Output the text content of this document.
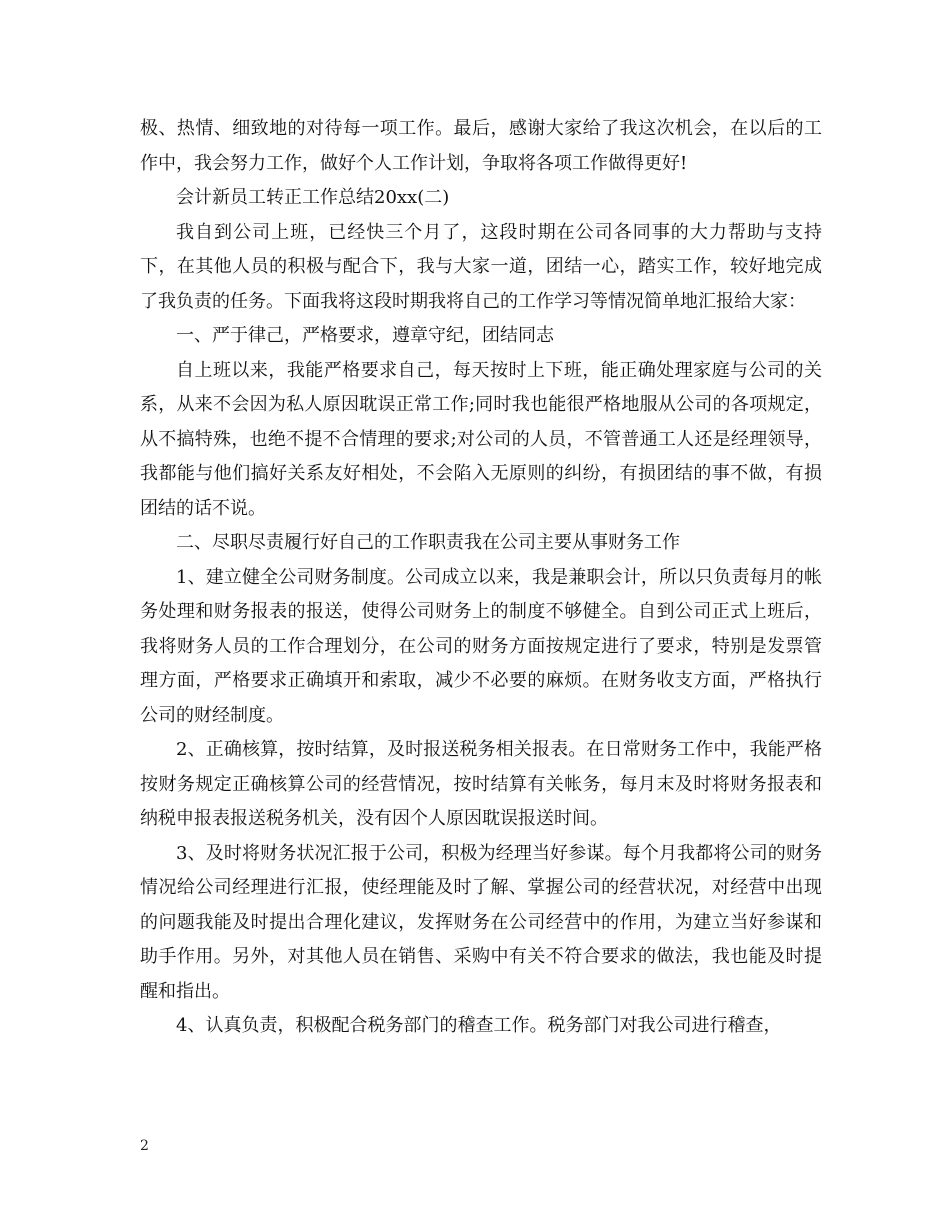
极、热情、细致地的对待每一项工作。最后，感谢大家给了我这次机会，在以后的工作中，我会努力工作，做好个人工作计划，争取将各项工作做得更好!

会计新员工转正工作总结20xx(二)

我自到公司上班，已经快三个月了，这段时期在公司各同事的大力帮助与支持下，在其他人员的积极与配合下，我与大家一道，团结一心，踏实工作，较好地完成了我负责的任务。下面我将这段时期我将自己的工作学习等情况简单地汇报给大家：

一、严于律己，严格要求，遵章守纪，团结同志

自上班以来，我能严格要求自己，每天按时上下班，能正确处理家庭与公司的关系，从来不会因为私人原因耽误正常工作;同时我也能很严格地服从公司的各项规定，从不搞特殊，也绝不提不合情理的要求;对公司的人员，不管普通工人还是经理领导，我都能与他们搞好关系友好相处，不会陷入无原则的纠纷，有损团结的事不做，有损团结的话不说。

二、尽职尽责履行好自己的工作职责我在公司主要从事财务工作

1、建立健全公司财务制度。公司成立以来，我是兼职会计，所以只负责每月的帐务处理和财务报表的报送，使得公司财务上的制度不够健全。自到公司正式上班后，我将财务人员的工作合理划分，在公司的财务方面按规定进行了要求，特别是发票管理方面，严格要求正确填开和索取，减少不必要的麻烦。在财务收支方面，严格执行公司的财经制度。

2、正确核算，按时结算，及时报送税务相关报表。在日常财务工作中，我能严格按财务规定正确核算公司的经营情况，按时结算有关帐务，每月末及时将财务报表和纳税申报表报送税务机关，没有因个人原因耽误报送时间。

3、及时将财务状况汇报于公司，积极为经理当好参谋。每个月我都将公司的财务情况给公司经理进行汇报，使经理能及时了解、掌握公司的经营状况，对经营中出现的问题我能及时提出合理化建议，发挥财务在公司经营中的作用，为建立当好参谋和助手作用。另外，对其他人员在销售、采购中有关不符合要求的做法，我也能及时提醒和指出。

4、认真负责，积极配合税务部门的稽查工作。税务部门对我公司进行稽查，

2
